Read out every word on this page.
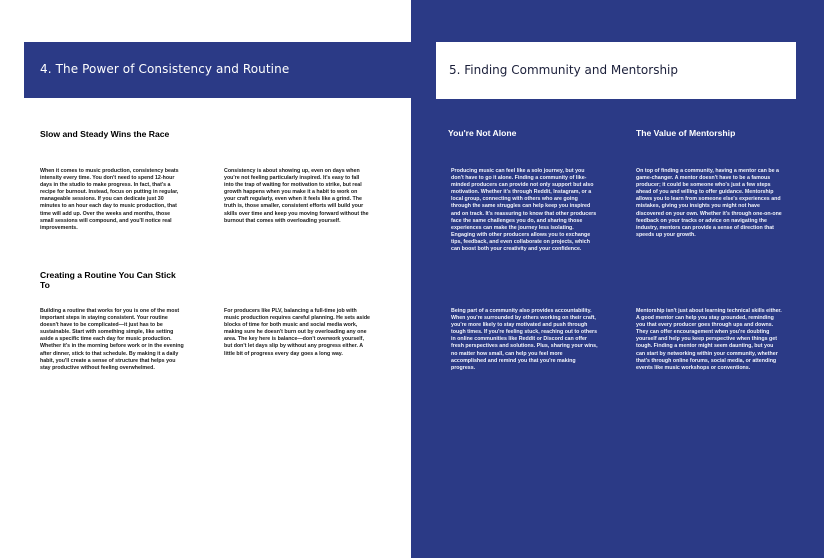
4. The Power of Consistency and Routine	5. Finding Community and Mentorship
Slow and Steady Wins the Race
When it comes to music production, consistency beats intensity every time. You don't need to spend 12-hour days in the studio to make progress. In fact, that's a recipe for burnout. Instead, focus on putting in regular, manageable sessions. If you can dedicate just 30 minutes to an hour each day to music production, that time will add up. Over the weeks and months, those small sessions will compound, and you'll notice real improvements.
Consistency is about showing up, even on days when you're not feeling particularly inspired. It's easy to fall into the trap of waiting for motivation to strike, but real growth happens when you make it a habit to work on your craft regularly, even when it feels like a grind. The truth is, those smaller, consistent efforts will build your skills over time and keep you moving forward without the burnout that comes with overloading yourself.
Creating a Routine You Can Stick To
Building a routine that works for you is one of the most important steps in staying consistent. Your routine doesn't have to be complicated—it just has to be sustainable. Start with something simple, like setting aside a specific time each day for music production. Whether it's in the morning before work or in the evening after dinner, stick to that schedule. By making it a daily habit, you'll create a sense of structure that helps you stay productive without feeling overwhelmed.
For producers like PLV, balancing a full-time job with music production requires careful planning. He sets aside blocks of time for both music and social media work, making sure he doesn't burn out by overloading any one area. The key here is balance—don't overwork yourself, but don't let days slip by without any progress either. A little bit of progress every day goes a long way.
You're Not Alone
Producing music can feel like a solo journey, but you don't have to go it alone. Finding a community of like-minded producers can provide not only support but also motivation. Whether it's through Reddit, Instagram, or a local group, connecting with others who are going through the same struggles can help keep you inspired and on track. It's reassuring to know that other producers face the same challenges you do, and sharing those experiences can make the journey less isolating. Engaging with other producers allows you to exchange tips, feedback, and even collaborate on projects, which can boost both your creativity and your confidence.
Being part of a community also provides accountability. When you're surrounded by others working on their craft, you're more likely to stay motivated and push through tough times. If you're feeling stuck, reaching out to others in online communities like Reddit or Discord can offer fresh perspectives and solutions. Plus, sharing your wins, no matter how small, can help you feel more accomplished and remind you that you're making progress.
The Value of Mentorship
On top of finding a community, having a mentor can be a game-changer. A mentor doesn't have to be a famous producer; it could be someone who's just a few steps ahead of you and willing to offer guidance. Mentorship allows you to learn from someone else's experiences and mistakes, giving you insights you might not have discovered on your own. Whether it's through one-on-one feedback on your tracks or advice on navigating the industry, mentors can provide a sense of direction that speeds up your growth.
Mentorship isn't just about learning technical skills either. A good mentor can help you stay grounded, reminding you that every producer goes through ups and downs. They can offer encouragement when you're doubting yourself and help you keep perspective when things get tough. Finding a mentor might seem daunting, but you can start by networking within your community, whether that's through online forums, social media, or attending events like music workshops or conventions.
